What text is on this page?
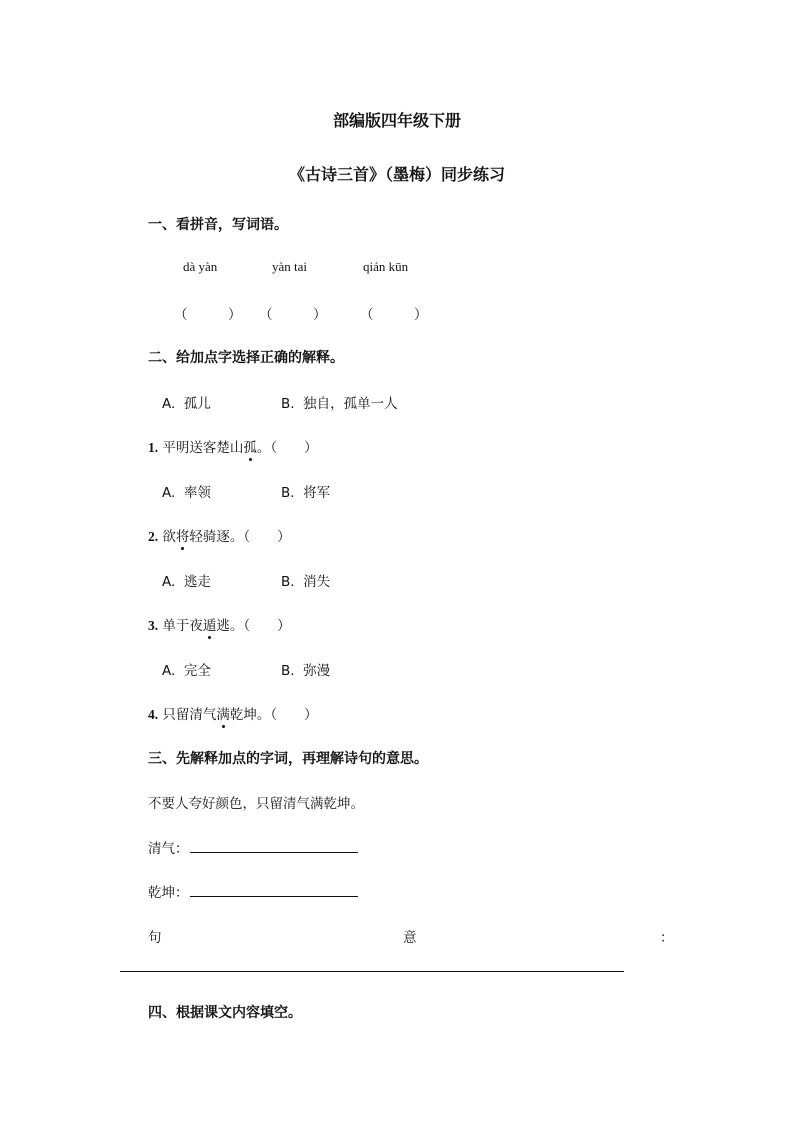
部编版四年级下册
《古诗三首》（墨梅）同步练习
一、看拼音，写词语。
dà yàn	yàn tai	qián kūn
（　　　） （　　　） （　　　）
二、给加点字选择正确的解释。
A. 孤儿	B. 独自，孤单一人
1. 平明送客楚山孤。（　　）
A. 率领	B. 将军
2. 欲将轻骑逐。（　　）
A. 逃走	B. 消失
3. 单于夜遁逃。（　　）
A. 完全	B. 弥漫
4. 只留清气满乾坤。（　　）
三、先解释加点的字词，再理解诗句的意思。
不要人夸好颜色，只留清气满乾坤。
清气：
乾坤：
句	意	：
四、根据课文内容填空。
